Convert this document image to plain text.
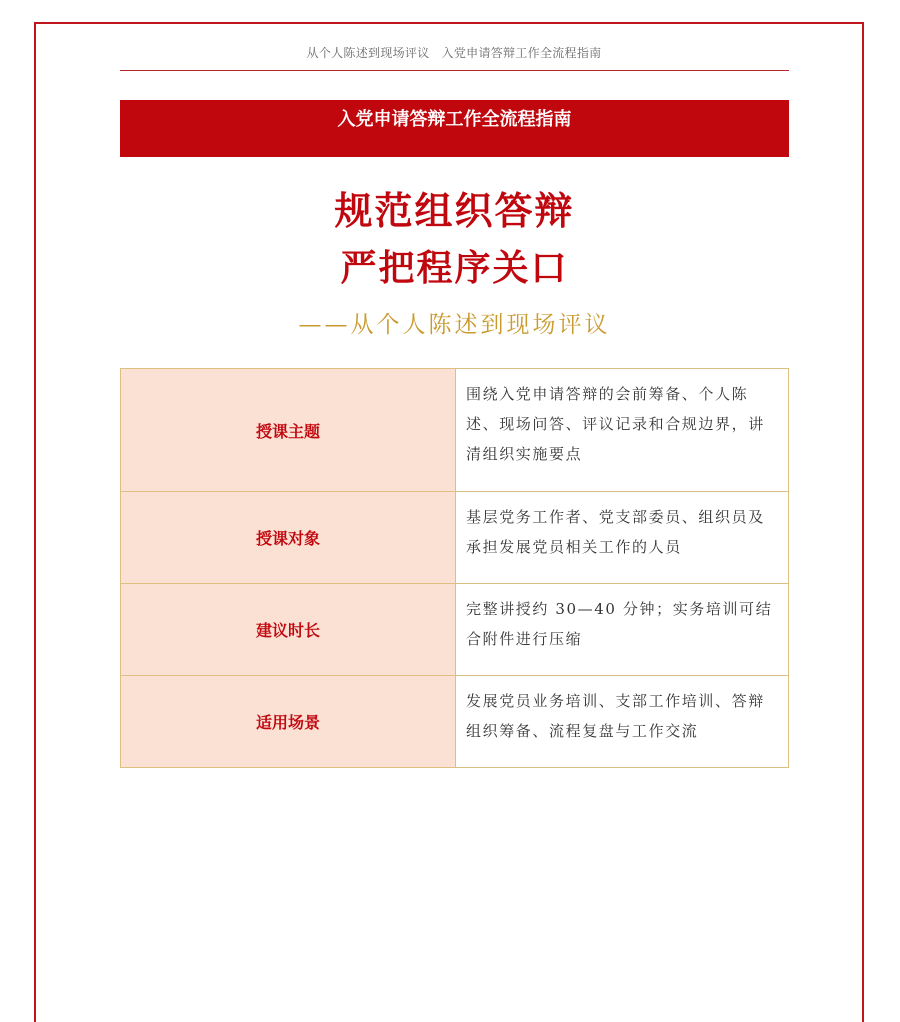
从个人陈述到现场评议 入党申请答辩工作全流程指南
入党申请答辩工作全流程指南
规范组织答辩
严把程序关口
——从个人陈述到现场评议
授课主题	围绕入党申请答辩的会前筹备、个人陈述、现场问答、评议记录和合规边界，讲清组织实施要点
授课对象	基层党务工作者、党支部委员、组织员及承担发展党员相关工作的人员
建议时长	完整讲授约 30—40 分钟；实务培训可结合附件进行压缩
适用场景	发展党员业务培训、支部工作培训、答辩组织筹备、流程复盘与工作交流
